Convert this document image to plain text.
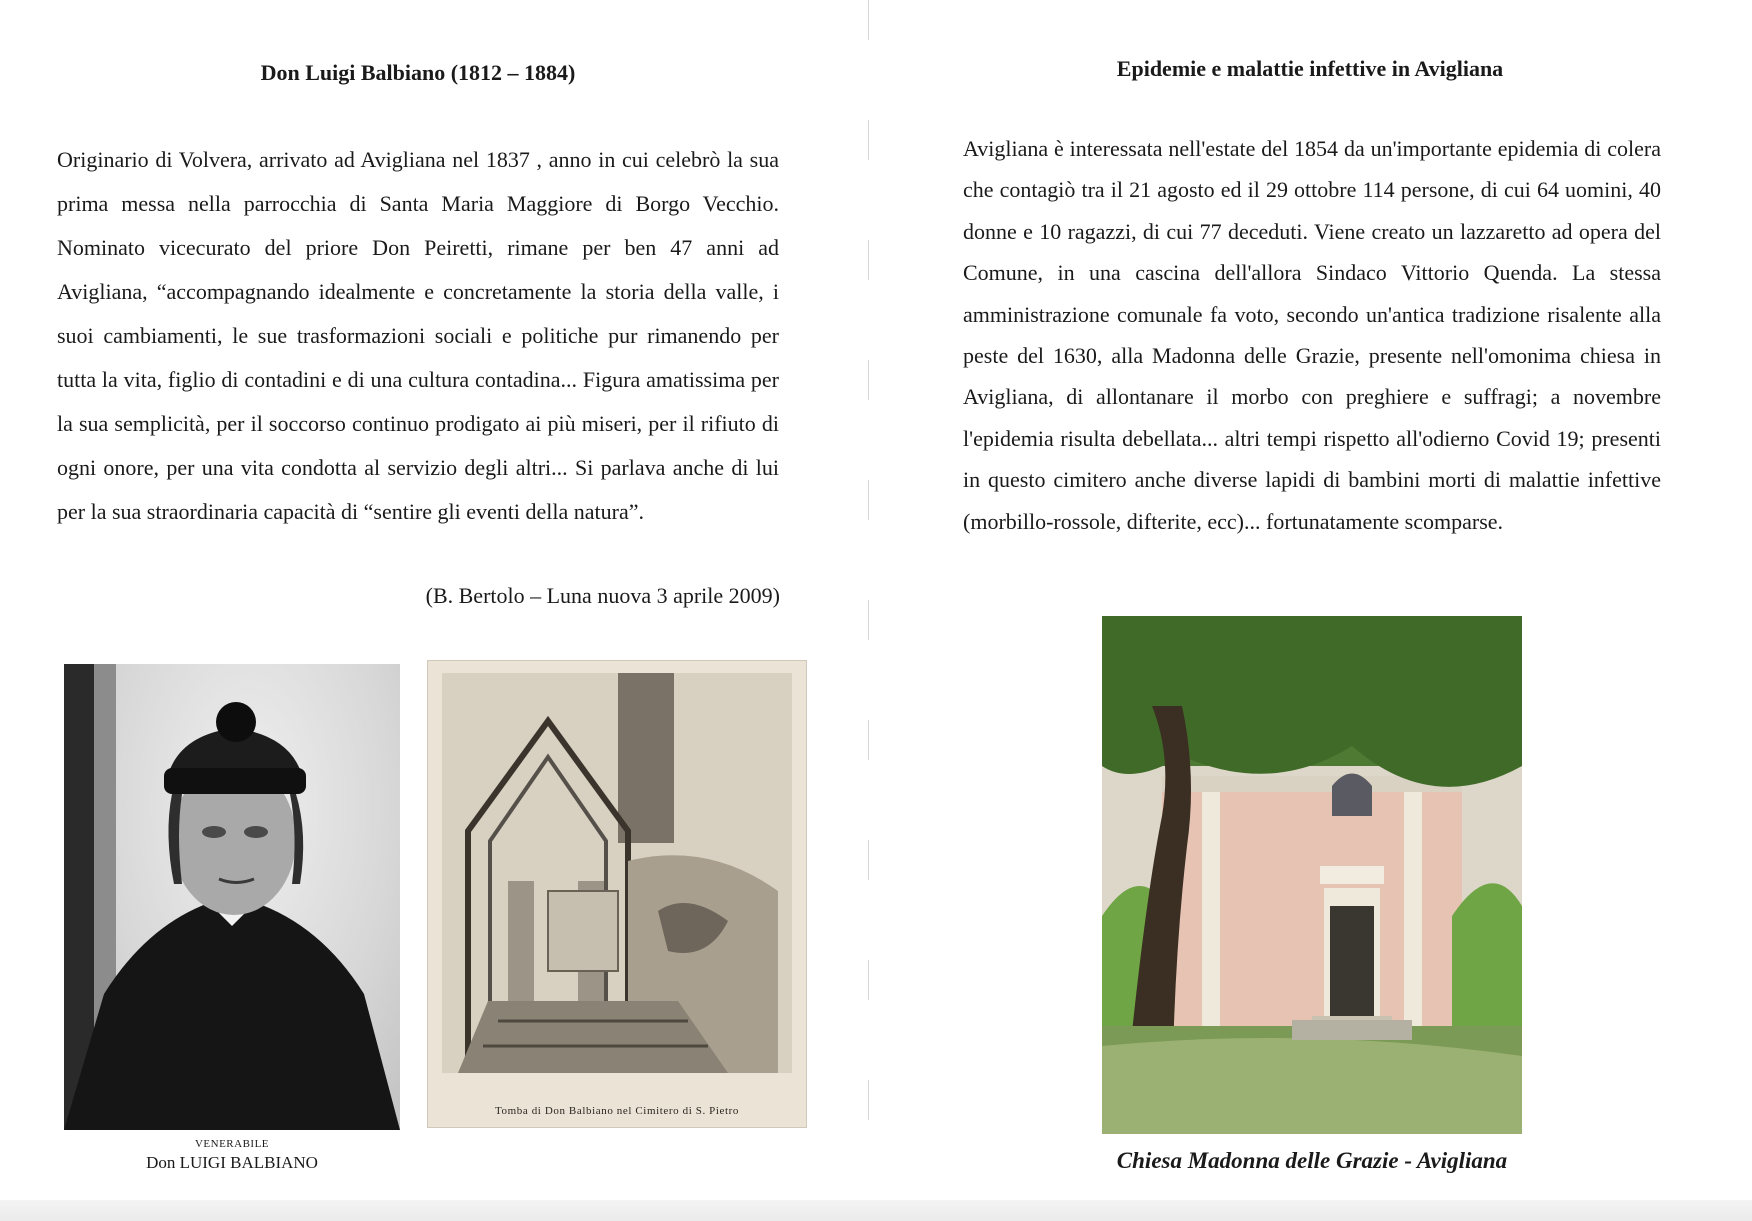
Don Luigi Balbiano (1812 – 1884)

Originario di Volvera, arrivato ad Avigliana nel 1837 , anno in cui celebrò la sua prima messa nella parrocchia di Santa Maria Maggiore di Borgo Vecchio. Nominato vicecurato del priore Don Peiretti, rimane per ben 47 anni ad Avigliana, “accompagnando idealmente e concretamente la storia della valle, i suoi cambiamenti, le sue trasformazioni sociali e politiche pur rimanendo per tutta la vita, figlio di contadini e di una cultura contadina... Figura amatissima per la sua semplicità, per il soccorso continuo prodigato ai più miseri, per il rifiuto di ogni onore, per una vita condotta al servizio degli altri... Si parlava anche di lui per la sua straordinaria capacità di “sentire gli eventi della natura”.

(B. Bertolo – Luna nuova 3 aprile 2009)
VENERABILE
Don LUIGI BALBIANO
Tomba di Don Balbiano nel Cimitero di S. Pietro
Epidemie e malattie infettive in Avigliana

Avigliana è interessata nell'estate del 1854 da un'importante epidemia di colera che contagiò tra il 21 agosto ed il 29 ottobre 114 persone, di cui 64 uomini, 40 donne e 10 ragazzi, di cui 77 deceduti. Viene creato un lazzaretto ad opera del Comune, in una cascina dell'allora Sindaco Vittorio Quenda. La stessa amministrazione comunale fa voto, secondo un'antica tradizione risalente alla peste del 1630, alla Madonna delle Grazie, presente nell'omonima chiesa in Avigliana, di allontanare il morbo con preghiere e suffragi; a novembre l'epidemia risulta debellata... altri tempi rispetto all'odierno Covid 19; presenti in questo cimitero anche diverse lapidi di bambini morti di malattie infettive (morbillo-rossole, difterite, ecc)... fortunatamente scomparse.

Chiesa Madonna delle Grazie - Avigliana
